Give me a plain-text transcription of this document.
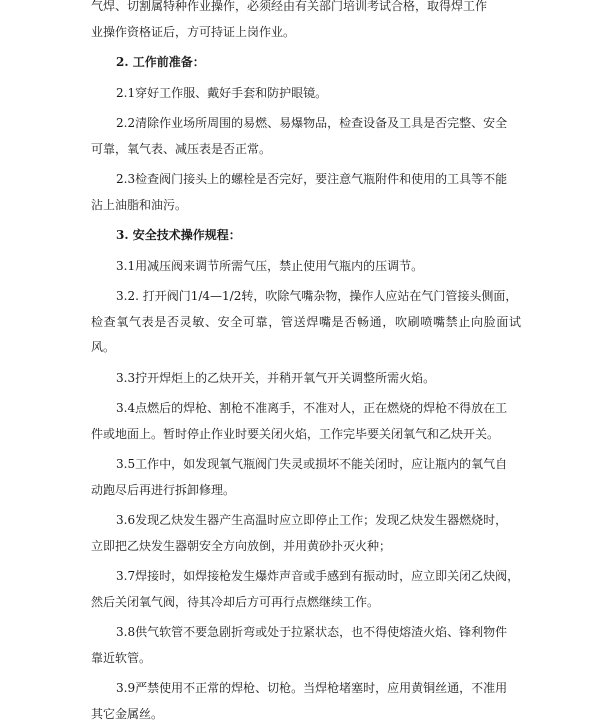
气焊、切割属特种作业操作，必须经由有关部门培训考试合格，取得焊工作

业操作资格证后，方可持证上岗作业。

2. 工作前准备：

2.1穿好工作服、戴好手套和防护眼镜。

2.2清除作业场所周围的易燃、易爆物品，检查设备及工具是否完整、安全

可靠，氧气表、减压表是否正常。

2.3检查阀门接头上的螺栓是否完好，要注意气瓶附件和使用的工具等不能

沾上油脂和油污。

3. 安全技术操作规程：

3.1用减压阀来调节所需气压，禁止使用气瓶内的压调节。

3.2. 打开阀门1/4—1/2转，吹除气嘴杂物，操作人应站在气门管接头侧面，

检查氧气表是否灵敏、安全可靠，管送焊嘴是否畅通，吹刷喷嘴禁止向脸面试风。

3.3拧开焊炬上的乙炔开关，并稍开氧气开关调整所需火焰。

3.4点燃后的焊枪、割枪不准离手，不准对人，正在燃烧的焊枪不得放在工

件或地面上。暂时停止作业时要关闭火焰，工作完毕要关闭氧气和乙炔开关。

3.5工作中，如发现氧气瓶阀门失灵或损坏不能关闭时，应让瓶内的氧气自

动跑尽后再进行拆卸修理。

3.6发现乙炔发生器产生高温时应立即停止工作；发现乙炔发生器燃烧时，

立即把乙炔发生器朝安全方向放倒，并用黄砂扑灭火种；

3.7焊接时，如焊接枪发生爆炸声音或手感到有振动时，应立即关闭乙炔阀，

然后关闭氧气阀，待其冷却后方可再行点燃继续工作。

3.8供气软管不要急剧折弯或处于拉紧状态，也不得使熔渣火焰、锋利物件

靠近软管。

3.9严禁使用不正常的焊枪、切枪。当焊枪堵塞时，应用黄铜丝通，不准用

其它金属丝。
